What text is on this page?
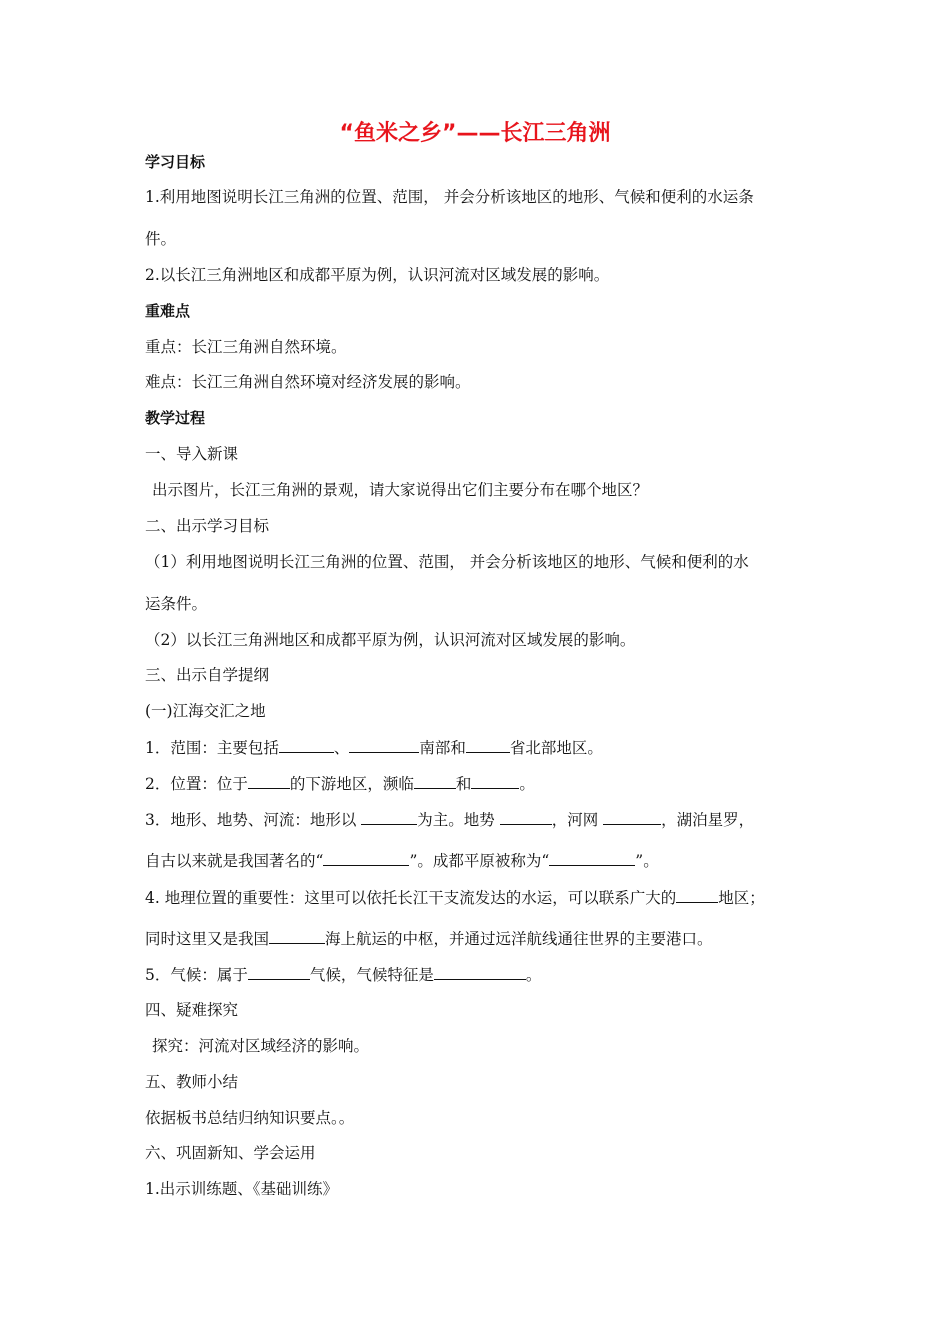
“鱼米之乡”——长江三角洲
学习目标
1.利用地图说明长江三角洲的位置、范围， 并会分析该地区的地形、气候和便利的水运条
件。
2.以长江三角洲地区和成都平原为例，认识河流对区域发展的影响。
重难点
重点：长江三角洲自然环境。
难点：长江三角洲自然环境对经济发展的影响。
教学过程
一、导入新课
出示图片，长江三角洲的景观，请大家说得出它们主要分布在哪个地区？
二、出示学习目标
（1）利用地图说明长江三角洲的位置、范围， 并会分析该地区的地形、气候和便利的水
运条件。
（2）以长江三角洲地区和成都平原为例，认识河流对区域发展的影响。
三、出示自学提纲
(一)江海交汇之地
1．范围：主要包括	、	南部和	省北部地区。
2．位置：位于	的下游地区，濒临	和	。
3．地形、地势、河流：地形以	为主。地势	，河网	，湖泊星罗，
自古以来就是我国著名的“	”。成都平原被称为“	”。
4. 地理位置的重要性：这里可以依托长江干支流发达的水运，可以联系广大的	地区；
同时这里又是我国	海上航运的中枢，并通过远洋航线通往世界的主要港口。
5．气候：属于	气候，气候特征是	。
四、疑难探究
探究：河流对区域经济的影响。
五、教师小结
依据板书总结归纳知识要点。。
六、巩固新知、学会运用
1.出示训练题、《基础训练》
